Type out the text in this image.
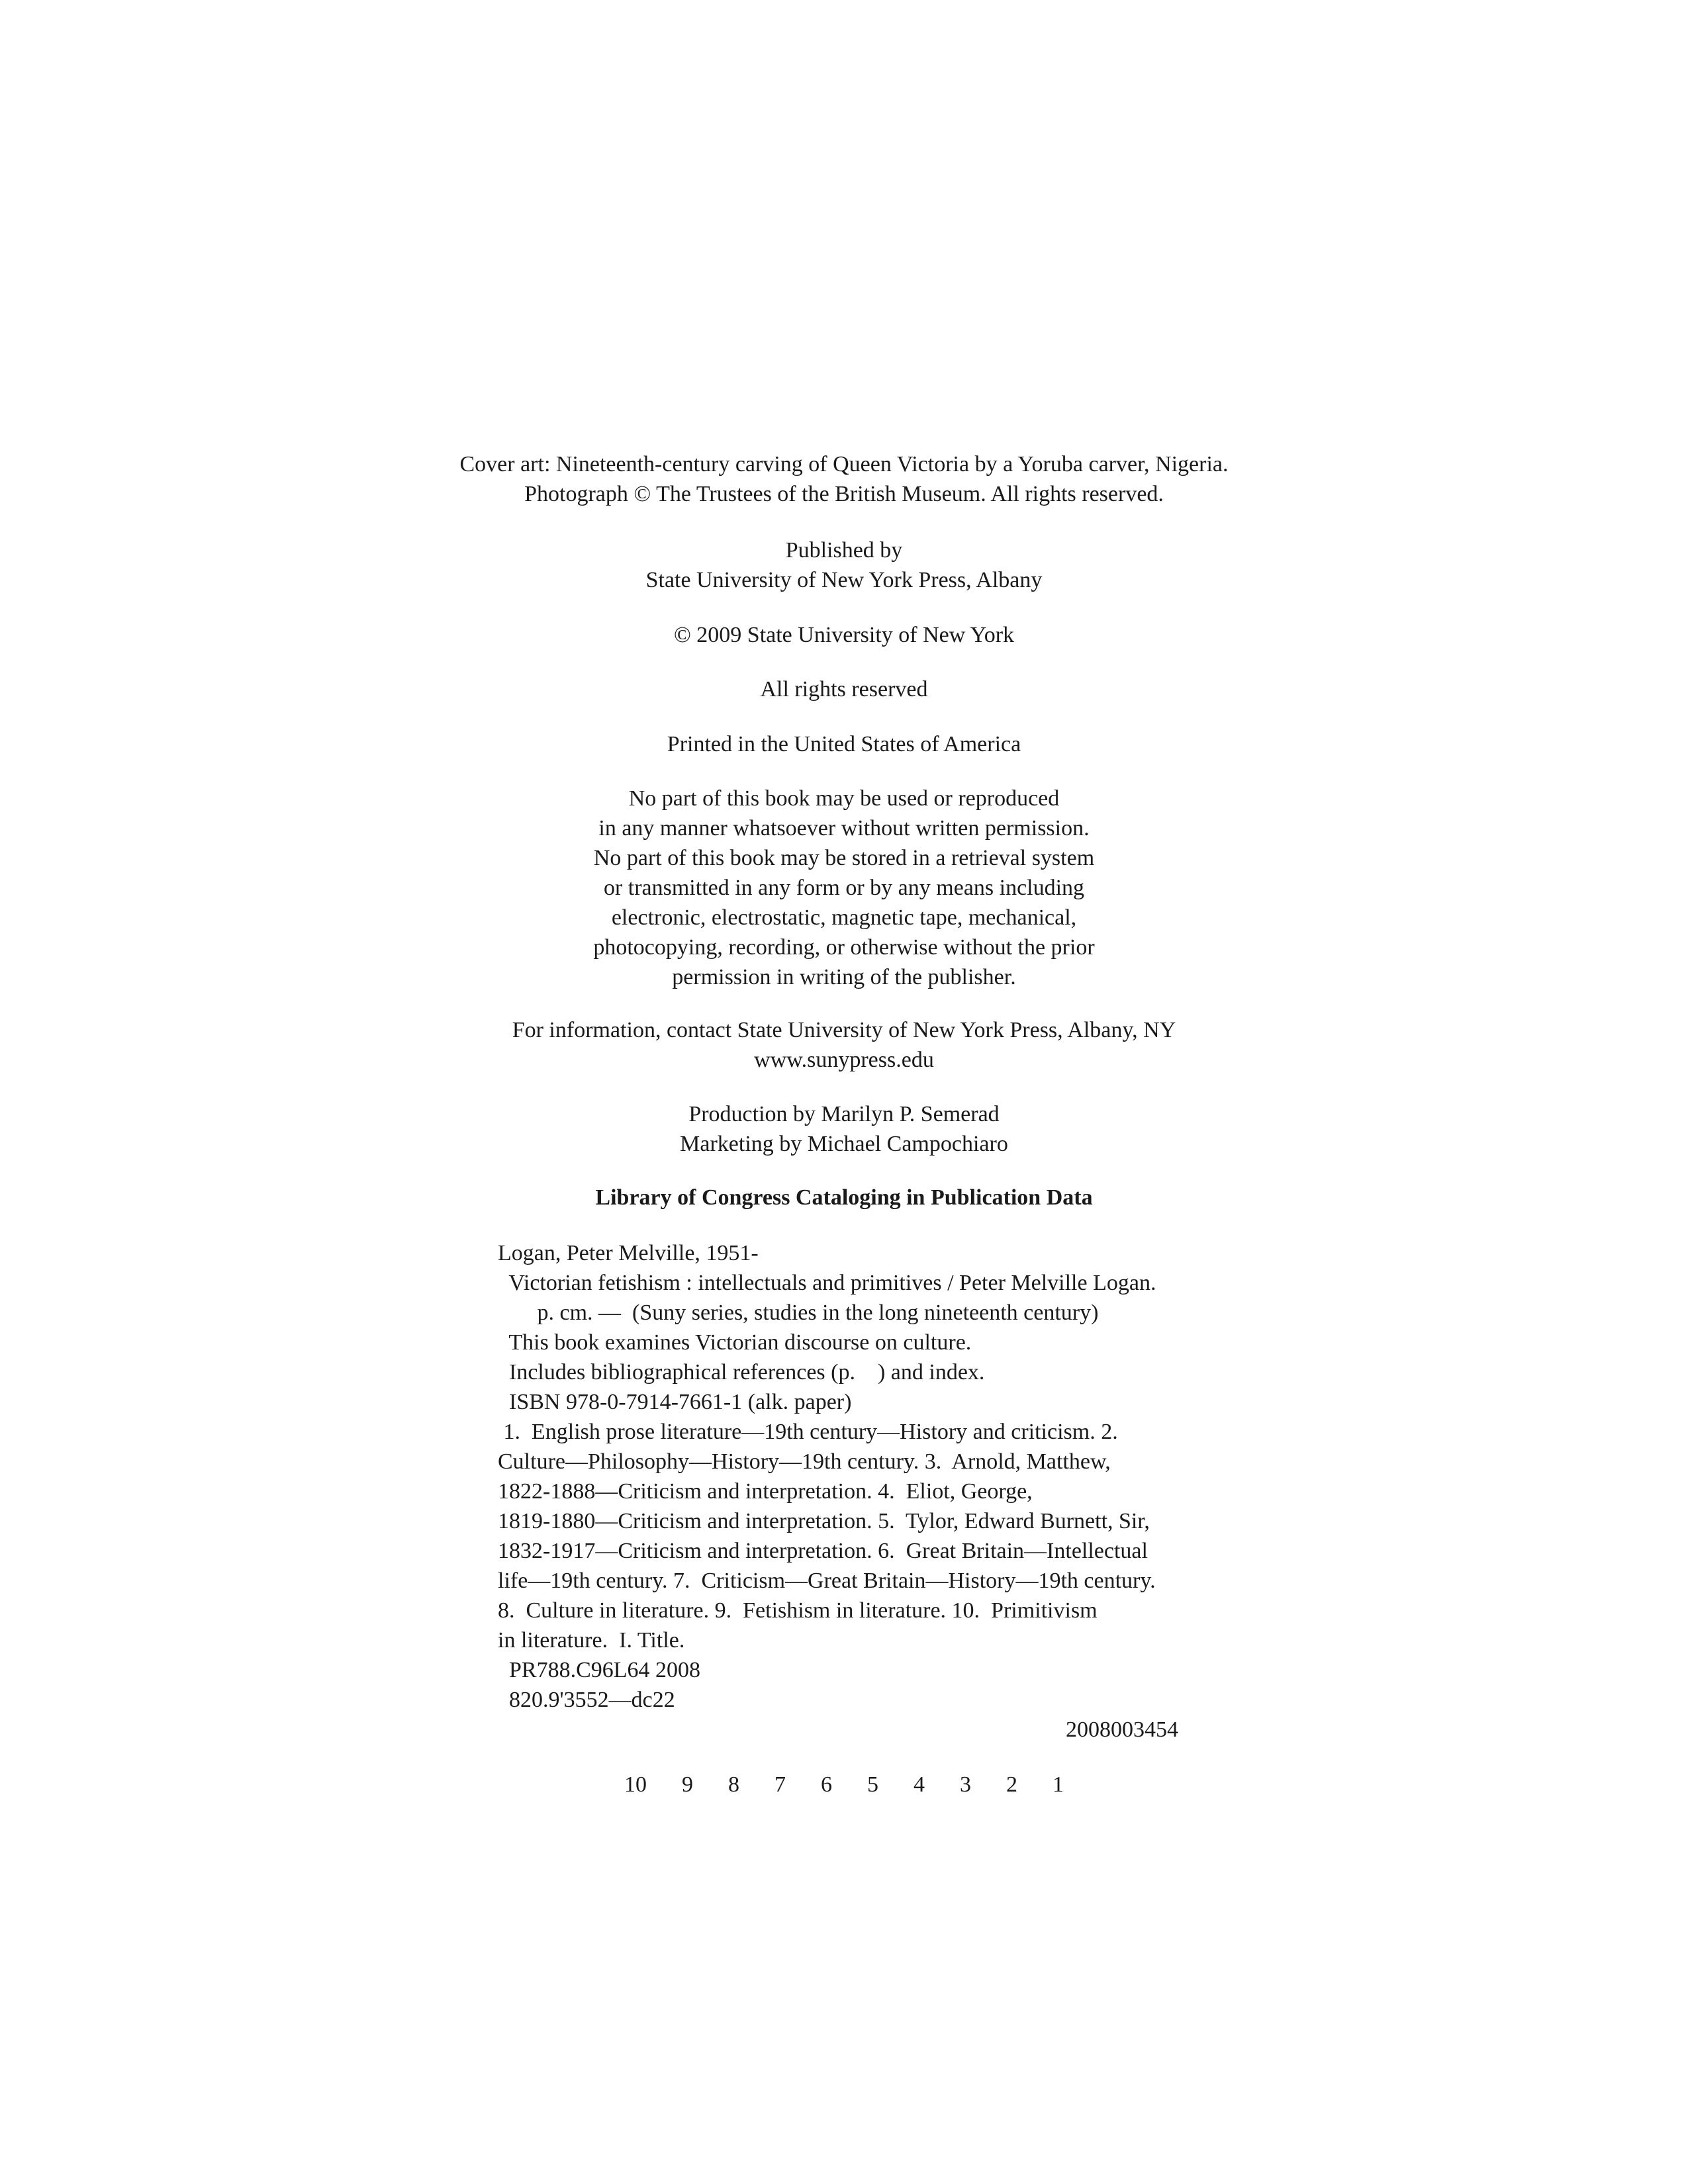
Cover art: Nineteenth-century carving of Queen Victoria by a Yoruba carver, Nigeria.
Photograph © The Trustees of the British Museum. All rights reserved.
Published by
State University of New York Press, Albany
© 2009 State University of New York
All rights reserved
Printed in the United States of America
No part of this book may be used or reproduced
in any manner whatsoever without written permission.
No part of this book may be stored in a retrieval system
or transmitted in any form or by any means including
electronic, electrostatic, magnetic tape, mechanical,
photocopying, recording, or otherwise without the prior
permission in writing of the publisher.
For information, contact State University of New York Press, Albany, NY
www.sunypress.edu
Production by Marilyn P. Semerad
Marketing by Michael Campochiaro
Library of Congress Cataloging in Publication Data
Logan, Peter Melville, 1951-
Victorian fetishism : intellectuals and primitives / Peter Melville Logan.
p. cm. —  (Suny series, studies in the long nineteenth century)
This book examines Victorian discourse on culture.
Includes bibliographical references (p.    ) and index.
ISBN 978-0-7914-7661-1 (alk. paper)
1.  English prose literature—19th century—History and criticism. 2.
Culture—Philosophy—History—19th century. 3.  Arnold, Matthew,
1822-1888—Criticism and interpretation. 4.  Eliot, George,
1819-1880—Criticism and interpretation. 5.  Tylor, Edward Burnett, Sir,
1832-1917—Criticism and interpretation. 6.  Great Britain—Intellectual
life—19th century. 7.  Criticism—Great Britain—History—19th century.
8.  Culture in literature. 9.  Fetishism in literature. 10.  Primitivism
in literature.  I. Title.
PR788.C96L64 2008
820.9'3552—dc22
2008003454
10  9  8  7  6  5  4  3  2  1
